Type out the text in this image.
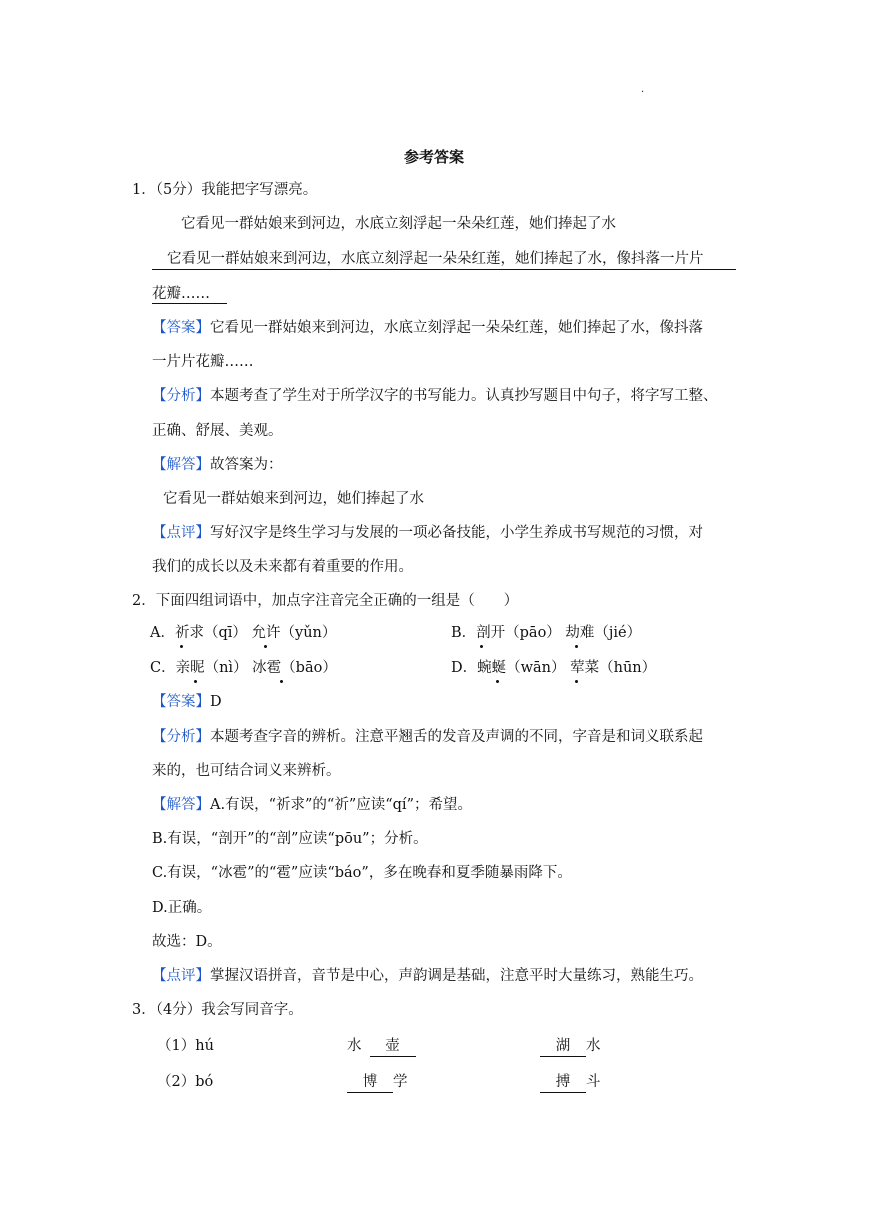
.
参考答案
1．（5分）我能把字写漂亮。
它看见一群姑娘来到河边，水底立刻浮起一朵朵红莲，她们捧起了水
它看见一群姑娘来到河边，水底立刻浮起一朵朵红莲，她们捧起了水，像抖落一片片
花瓣……
【答案】它看见一群姑娘来到河边，水底立刻浮起一朵朵红莲，她们捧起了水，像抖落
一片片花瓣……
【分析】本题考查了学生对于所学汉字的书写能力。认真抄写题目中句子，将字写工整、
正确、舒展、美观。
【解答】故答案为：
它看见一群姑娘来到河边，她们捧起了水
【点评】写好汉字是终生学习与发展的一项必备技能，小学生养成书写规范的习惯，对
我们的成长以及未来都有着重要的作用。
2．下面四组词语中，加点字注音完全正确的一组是（　　）
A．祈求（qī） 允许（yǔn）	B．剖开（pāo） 劫难（jié）
C．亲昵（nì） 冰雹（bāo）	D．蜿蜒（wān） 荤菜（hūn）
【答案】D
【分析】本题考查字音的辨析。注意平翘舌的发音及声调的不同，字音是和词义联系起
来的，也可结合词义来辨析。
【解答】A.有误，“祈求”的“祈”应读“qí”；希望。
B.有误，“剖开”的“剖”应读“pōu”；分析。
C.有误，“冰雹”的“雹”应读“báo”，多在晚春和夏季随暴雨降下。
D.正确。
故选：D。
【点评】掌握汉语拼音，音节是中心，声韵调是基础，注意平时大量练习，熟能生巧。
3．（4分）我会写同音字。
（1）hú	水 壶	湖 水
（2）bó	博 学	搏 斗
